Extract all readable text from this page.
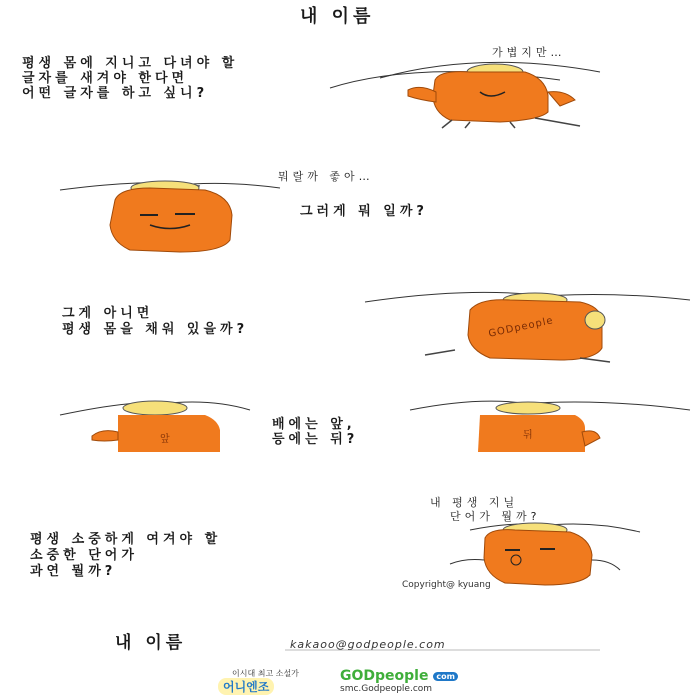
내 이름
평생 몸에 지니고 다녀야 할
글자를 새겨야 한다면
어떤 글자를 하고 싶니?
가볍지만…
뭐랄까 좋아…
그러게 뭐 일까?
그게 아니면
평생 몸을 채워 있을까?	GODpeople
배에는 앞,
등에는 뒤?
앞	뒤
평생 소중하게 여겨야 할
소중한 단어가
과연 뭘까?
내 평생 지닐
단어가 뭘까?
Copyright@ kyuang
내 이름	kakaoo@godpeople.com
이시대 최고 소설가
어니엔조
GODpeople com
smc.Godpeople.com
